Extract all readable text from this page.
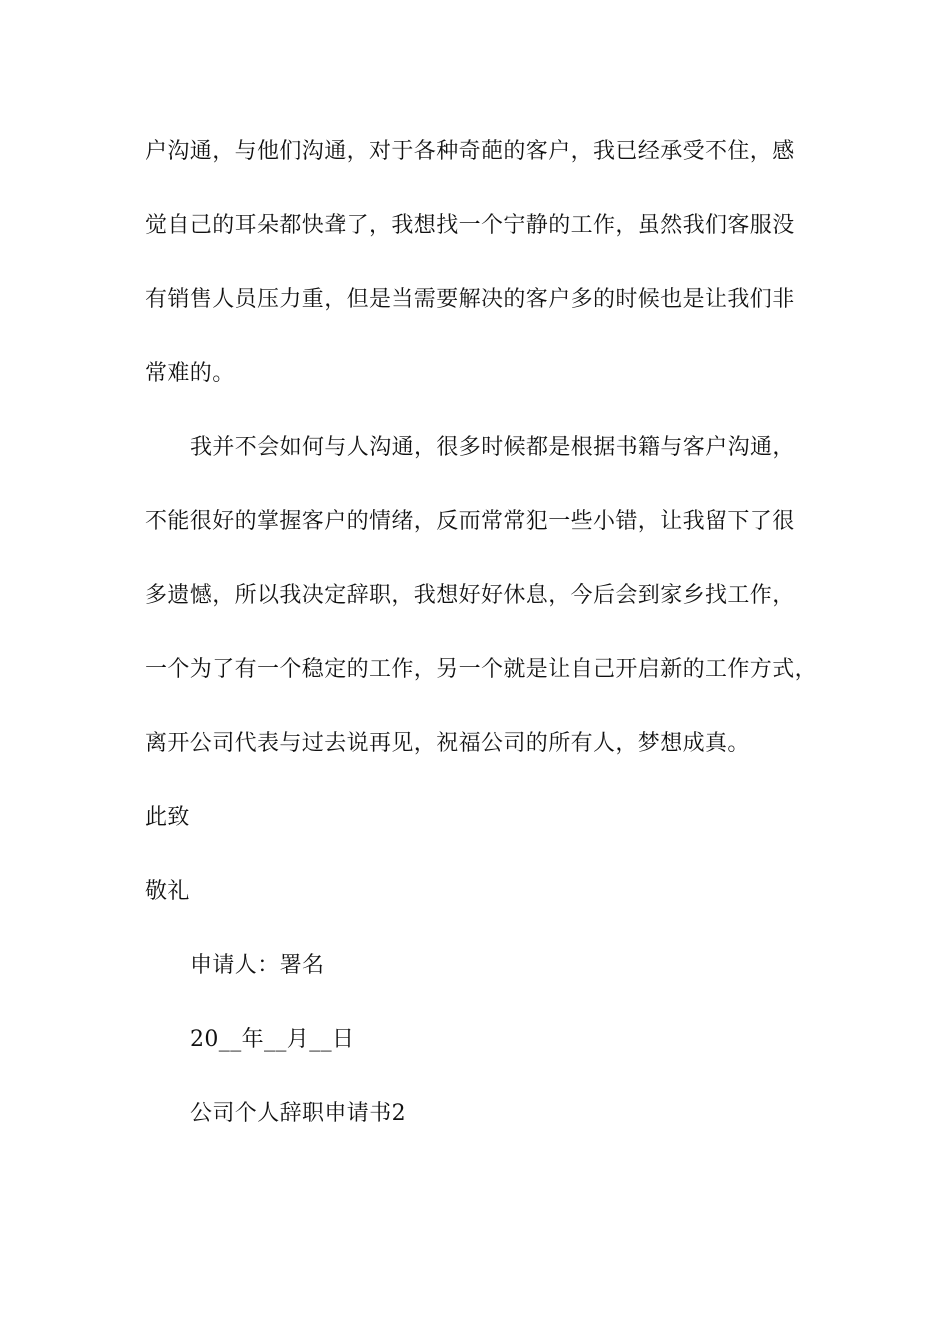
户沟通，与他们沟通，对于各种奇葩的客户，我已经承受不住，感
觉自己的耳朵都快聋了，我想找一个宁静的工作，虽然我们客服没
有销售人员压力重，但是当需要解决的客户多的时候也是让我们非
常难的。
我并不会如何与人沟通，很多时候都是根据书籍与客户沟通，
不能很好的掌握客户的情绪，反而常常犯一些小错，让我留下了很
多遗憾，所以我决定辞职，我想好好休息，今后会到家乡找工作，
一个为了有一个稳定的工作，另一个就是让自己开启新的工作方式，
离开公司代表与过去说再见，祝福公司的所有人，梦想成真。
此致
敬礼
申请人：署名
20__年__月__日
公司个人辞职申请书2
